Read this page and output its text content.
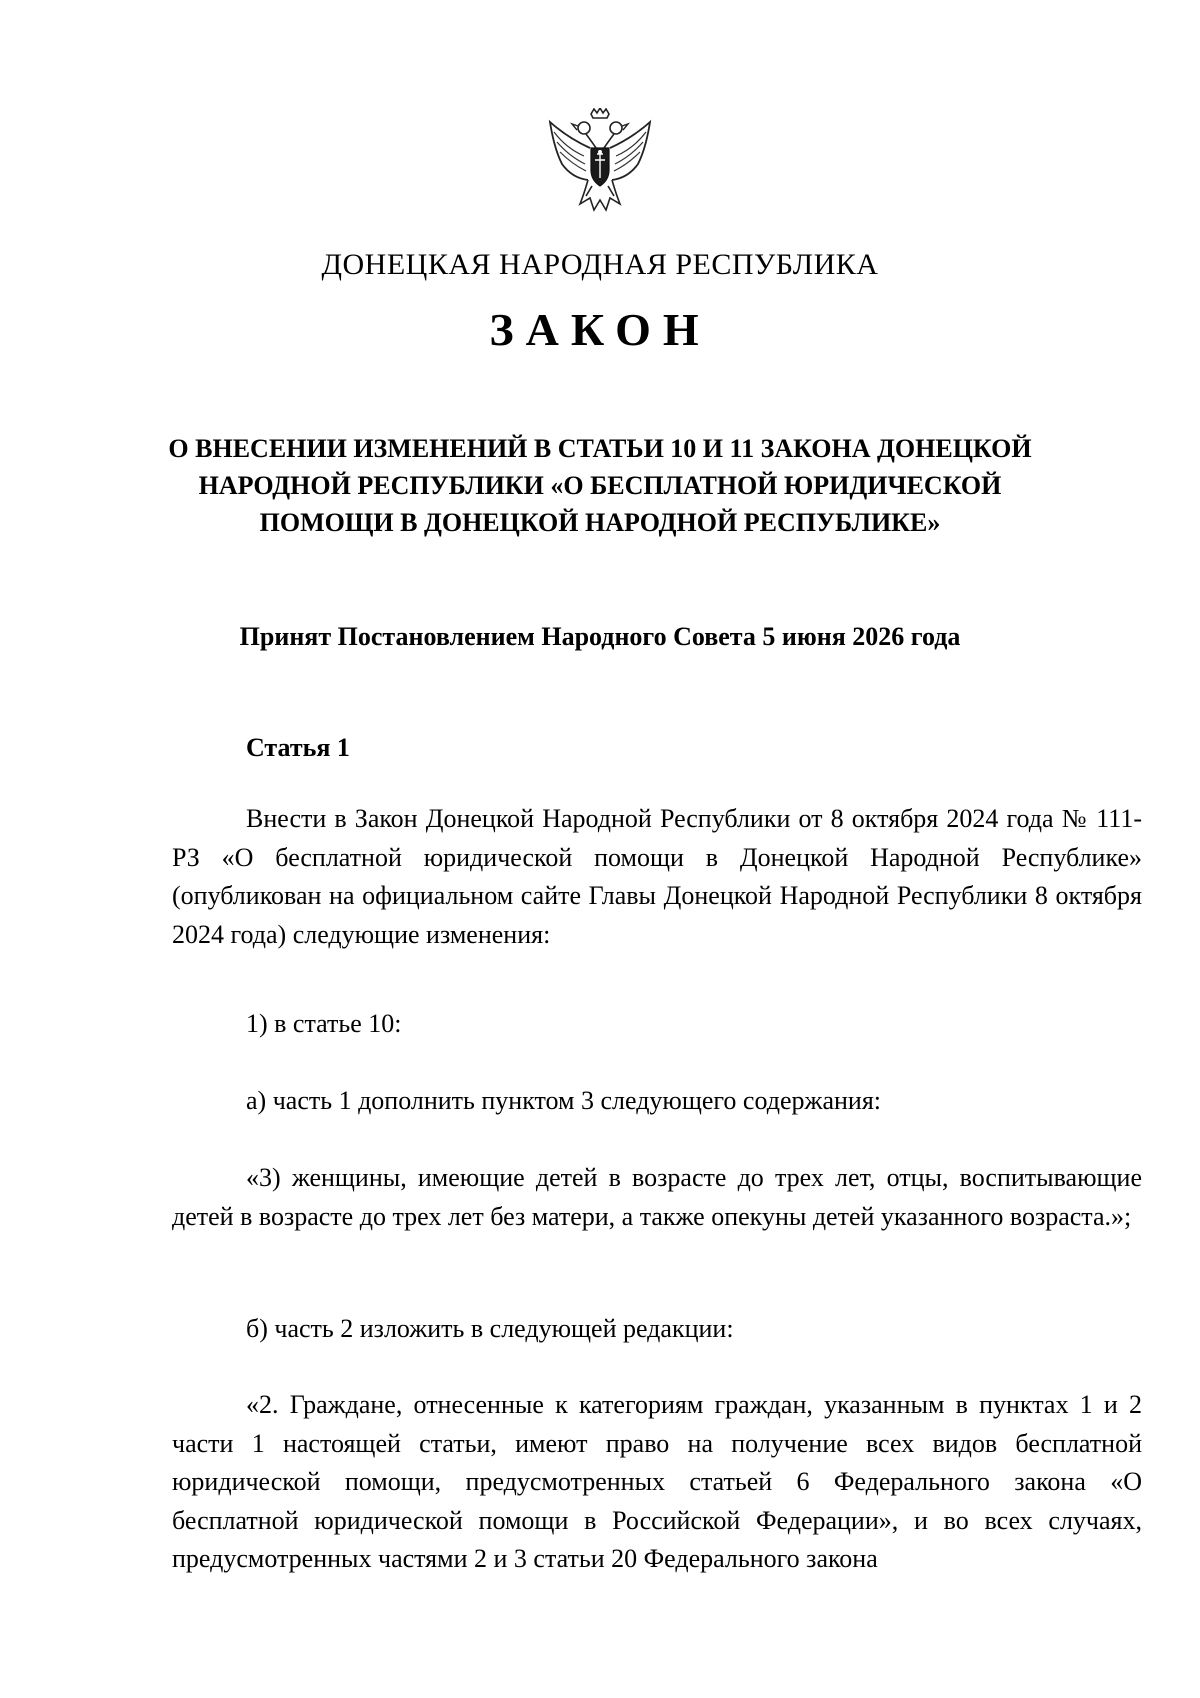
ДОНЕЦКАЯ НАРОДНАЯ РЕСПУБЛИКА
ЗАКОН
О ВНЕСЕНИИ ИЗМЕНЕНИЙ В СТАТЬИ 10 И 11 ЗАКОНА ДОНЕЦКОЙ НАРОДНОЙ РЕСПУБЛИКИ «О БЕСПЛАТНОЙ ЮРИДИЧЕСКОЙ ПОМОЩИ В ДОНЕЦКОЙ НАРОДНОЙ РЕСПУБЛИКЕ»
Принят Постановлением Народного Совета 5 июня 2026 года
Статья 1

Внести в Закон Донецкой Народной Республики от 8 октября 2024 года № 111-РЗ «О бесплатной юридической помощи в Донецкой Народной Республике» (опубликован на официальном сайте Главы Донецкой Народной Республики 8 октября 2024 года) следующие изменения:

1) в статье 10:

а) часть 1 дополнить пунктом 3 следующего содержания:

«3) женщины, имеющие детей в возрасте до трех лет, отцы, воспитывающие детей в возрасте до трех лет без матери, а также опекуны детей указанного возраста.»;

б) часть 2 изложить в следующей редакции:

«2. Граждане, отнесенные к категориям граждан, указанным в пунктах 1 и 2 части 1 настоящей статьи, имеют право на получение всех видов бесплатной юридической помощи, предусмотренных статьей 6 Федерального закона «О бесплатной юридической помощи в Российской Федерации», и во всех случаях, предусмотренных частями 2 и 3 статьи 20 Федерального закона
